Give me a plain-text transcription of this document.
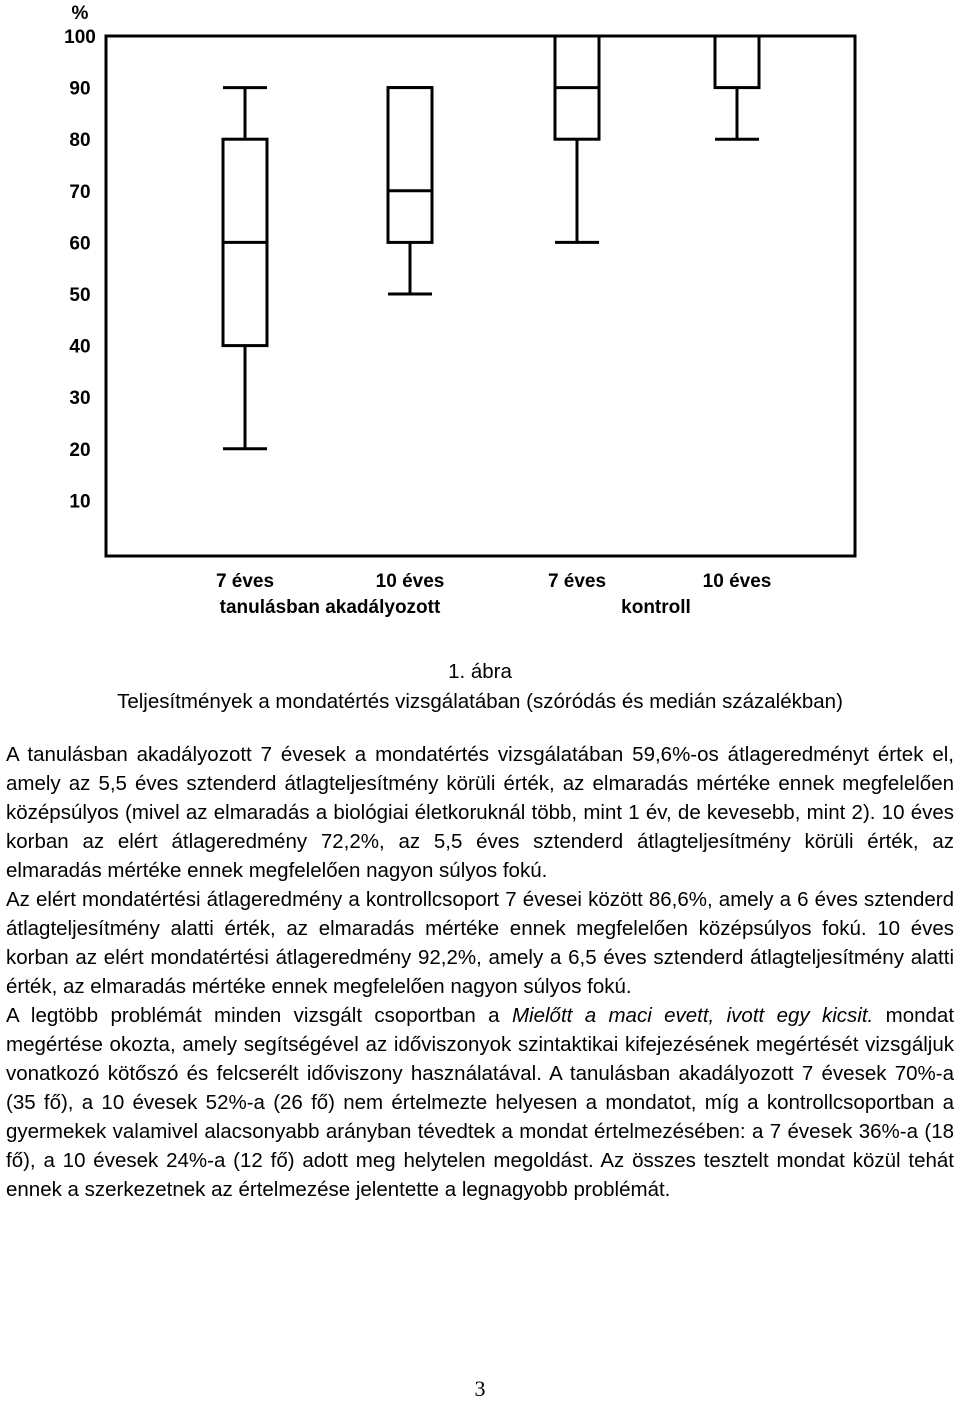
%
100
90
80
70
60
50
40
30
20
10
7 éves	10 éves	7 éves	10 éves
tanulásban akadályozott	kontroll
1. ábra
Teljesítmények a mondatértés vizsgálatában (szóródás és medián százalékban)

A tanulásban akadályozott 7 évesek a mondatértés vizsgálatában 59,6%-os átlageredményt értek el, amely az 5,5 éves sztenderd átlagteljesítmény körüli érték, az elmaradás mértéke ennek megfelelően középsúlyos (mivel az elmaradás a biológiai életkoruknál több, mint 1 év, de kevesebb, mint 2). 10 éves korban az elért átlageredmény 72,2%, az 5,5 éves sztenderd átlagteljesítmény körüli érték, az elmaradás mértéke ennek megfelelően nagyon súlyos fokú.

Az elért mondatértési átlageredmény a kontrollcsoport 7 évesei között 86,6%, amely a 6 éves sztenderd átlagteljesítmény alatti érték, az elmaradás mértéke ennek megfelelően középsúlyos fokú. 10 éves korban az elért mondatértési átlageredmény 92,2%, amely a 6,5 éves sztenderd átlagteljesítmény alatti érték, az elmaradás mértéke ennek megfelelően nagyon súlyos fokú.

A legtöbb problémát minden vizsgált csoportban a Mielőtt a maci evett, ivott egy kicsit. mondat megértése okozta, amely segítségével az időviszonyok szintaktikai kifejezésének megértését vizsgáljuk vonatkozó kötőszó és felcserélt időviszony használatával. A tanulásban akadályozott 7 évesek 70%-a (35 fő), a 10 évesek 52%-a (26 fő) nem értelmezte helyesen a mondatot, míg a kontrollcsoportban a gyermekek valamivel alacsonyabb arányban tévedtek a mondat értelmezésében: a 7 évesek 36%-a (18 fő), a 10 évesek 24%-a (12 fő) adott meg helytelen megoldást. Az összes tesztelt mondat közül tehát ennek a szerkezetnek az értelmezése jelentette a legnagyobb problémát.

3
